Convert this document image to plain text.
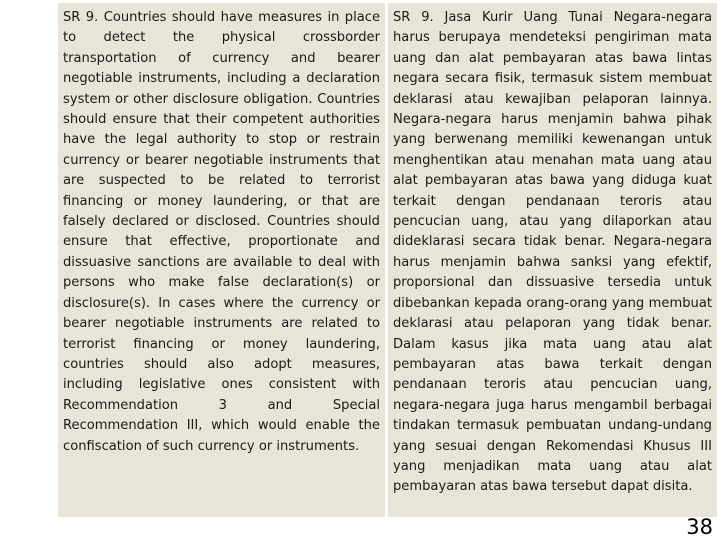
SR 9. Countries should have measures in place to detect the physical crossborder transportation of currency and bearer negotiable instruments, including a declaration system or other disclosure obligation. Countries should ensure that their competent authorities have the legal authority to stop or restrain currency or bearer negotiable instruments that are suspected to be related to terrorist financing or money laundering, or that are falsely declared or disclosed. Countries should ensure that effective, proportionate and dissuasive sanctions are available to deal with persons who make false declaration(s) or disclosure(s). In cases where the currency or bearer negotiable instruments are related to terrorist financing or money laundering, countries should also adopt measures, including legislative ones consistent with Recommendation 3 and Special Recommendation III, which would enable the confiscation of such currency or instruments.
SR 9. Jasa Kurir Uang Tunai Negara-negara harus berupaya mendeteksi pengiriman mata uang dan alat pembayaran atas bawa lintas negara secara fisik, termasuk sistem membuat deklarasi atau kewajiban pelaporan lainnya. Negara-negara harus menjamin bahwa pihak yang berwenang memiliki kewenangan untuk menghentikan atau menahan mata uang atau alat pembayaran atas bawa yang diduga kuat terkait dengan pendanaan teroris atau pencucian uang, atau yang dilaporkan atau dideklarasi secara tidak benar. Negara-negara harus menjamin bahwa sanksi yang efektif, proporsional dan dissuasive tersedia untuk dibebankan kepada orang-orang yang membuat deklarasi atau pelaporan yang tidak benar. Dalam kasus jika mata uang atau alat pembayaran atas bawa terkait dengan pendanaan teroris atau pencucian uang, negara-negara juga harus mengambil berbagai tindakan termasuk pembuatan undang-undang yang sesuai dengan Rekomendasi Khusus III yang menjadikan mata uang atau alat pembayaran atas bawa tersebut dapat disita.
38
